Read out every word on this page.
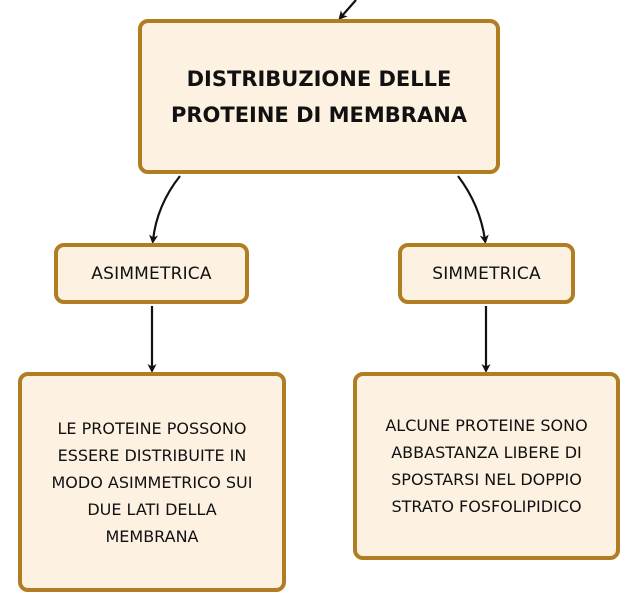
DISTRIBUZIONE DELLE
PROTEINE DI MEMBRANA
ASIMMETRICA	SIMMETRICA
LE PROTEINE POSSONO
ESSERE DISTRIBUITE IN
MODO ASIMMETRICO SUI
DUE LATI DELLA
MEMBRANA
ALCUNE PROTEINE SONO
ABBASTANZA LIBERE DI
SPOSTARSI NEL DOPPIO
STRATO FOSFOLIPIDICO
